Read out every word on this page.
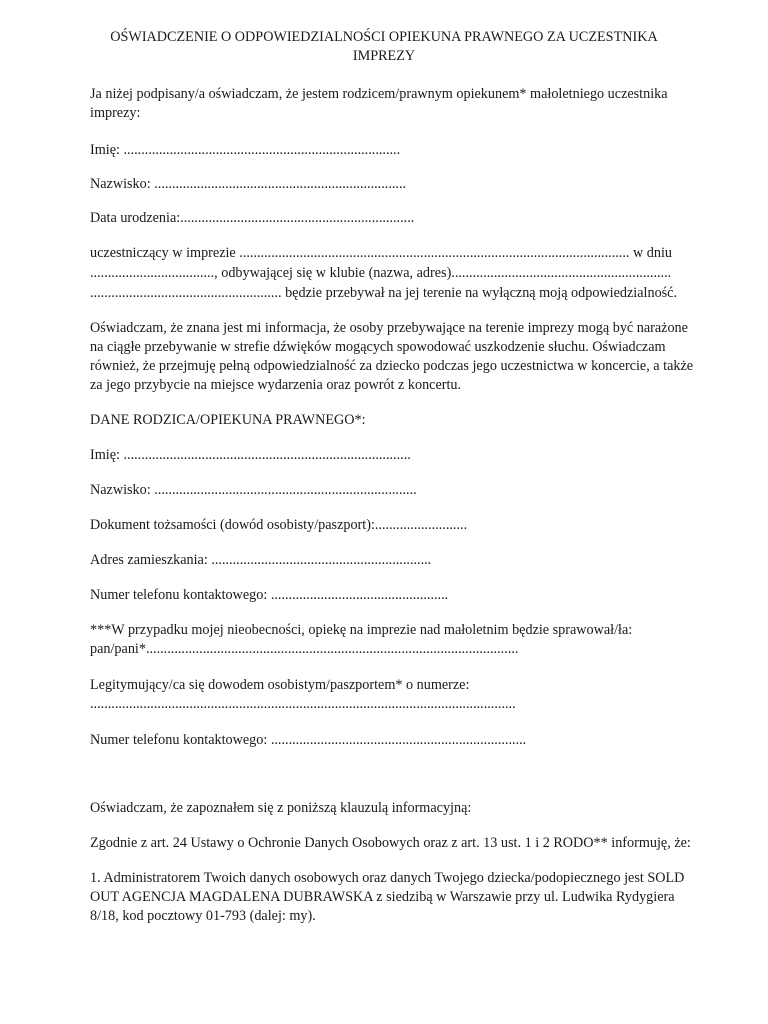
OŚWIADCZENIE O ODPOWIEDZIALNOŚCI OPIEKUNA PRAWNEGO ZA UCZESTNIKA
IMPREZY
Ja niżej podpisany/a oświadczam, że jestem rodzicem/prawnym opiekunem* małoletniego uczestnika
imprezy:
Imię: ..............................................................................
Nazwisko: .......................................................................
Data urodzenia:..................................................................
uczestniczący w imprezie .............................................................................................................. w dniu
..................................., odbywającej się w klubie (nazwa, adres)..............................................................
...................................................... będzie przebywał na jej terenie na wyłączną moją odpowiedzialność.
Oświadczam, że znana jest mi informacja, że osoby przebywające na terenie imprezy mogą być narażone
na ciągłe przebywanie w strefie dźwięków mogących spowodować uszkodzenie słuchu. Oświadczam
również, że przejmuję pełną odpowiedzialność za dziecko podczas jego uczestnictwa w koncercie, a także
za jego przybycie na miejsce wydarzenia oraz powrót z koncertu.
DANE RODZICA/OPIEKUNA PRAWNEGO*:
Imię: .................................................................................
Nazwisko: ..........................................................................
Dokument tożsamości (dowód osobisty/paszport):..........................
Adres zamieszkania: ..............................................................
Numer telefonu kontaktowego: ..................................................
***W przypadku mojej nieobecności, opiekę na imprezie nad małoletnim będzie sprawował/ła:
pan/pani*.........................................................................................................
Legitymujący/ca się dowodem osobistym/paszportem* o numerze:
........................................................................................................................
Numer telefonu kontaktowego: ........................................................................
Oświadczam, że zapoznałem się z poniższą klauzulą informacyjną:
Zgodnie z art. 24 Ustawy o Ochronie Danych Osobowych oraz z art. 13 ust. 1 i 2 RODO** informuję, że:
1. Administratorem Twoich danych osobowych oraz danych Twojego dziecka/podopiecznego jest SOLD
OUT AGENCJA MAGDALENA DUBRAWSKA z siedzibą w Warszawie przy ul. Ludwika Rydygiera
8/18, kod pocztowy 01-793 (dalej: my).
